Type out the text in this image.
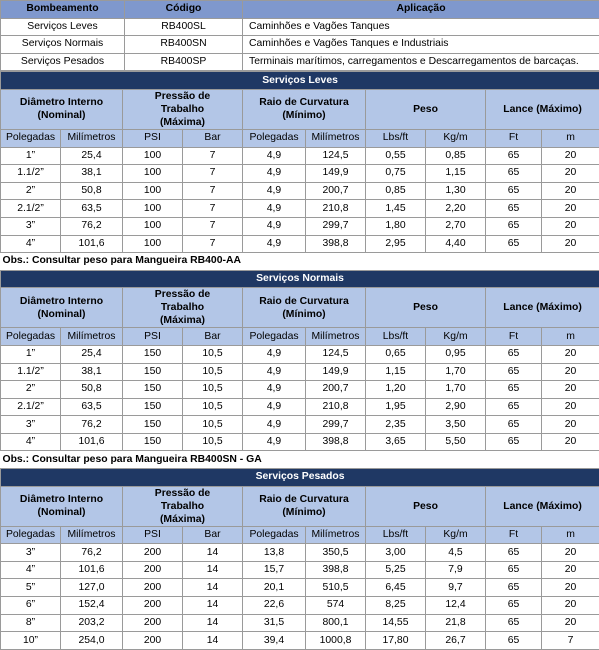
Bombeamento	Código	Aplicação
Serviços Leves	RB400SL	Caminhões e Vagões Tanques
Serviços Normais	RB400SN	Caminhões e Vagões Tanques e Industriais
Serviços Pesados	RB400SP	Terminais marítimos, carregamentos e Descarregamentos de barcaças.
Serviços Leves									
Diâmetro Interno (Nominal)		Pressão de Trabalho (Máxima)		Raio de Curvatura (Mínimo)		Peso		Lance (Máximo)	
Polegadas	Milímetros	PSI	Bar	Polegadas	Milímetros	Lbs/ft	Kg/m	Ft	m
1”	25,4	100	7	4,9	124,5	0,55	0,85	65	20
1.1/2”	38,1	100	7	4,9	149,9	0,75	1,15	65	20
2”	50,8	100	7	4,9	200,7	0,85	1,30	65	20
2.1/2”	63,5	100	7	4,9	210,8	1,45	2,20	65	20
3”	76,2	100	7	4,9	299,7	1,80	2,70	65	20
4”	101,6	100	7	4,9	398,8	2,95	4,40	65	20
Obs.: Consultar peso para Mangueira RB400-AA									
Serviços Normais									
Diâmetro Interno (Nominal)		Pressão de Trabalho (Máxima)		Raio de Curvatura (Mínimo)		Peso		Lance (Máximo)	
Polegadas	Milímetros	PSI	Bar	Polegadas	Milímetros	Lbs/ft	Kg/m	Ft	m
1”	25,4	150	10,5	4,9	124,5	0,65	0,95	65	20
1.1/2”	38,1	150	10,5	4,9	149,9	1,15	1,70	65	20
2”	50,8	150	10,5	4,9	200,7	1,20	1,70	65	20
2.1/2”	63,5	150	10,5	4,9	210,8	1,95	2,90	65	20
3”	76,2	150	10,5	4,9	299,7	2,35	3,50	65	20
4”	101,6	150	10,5	4,9	398,8	3,65	5,50	65	20
Obs.: Consultar peso para Mangueira RB400SN - GA									
Serviços Pesados									
Diâmetro Interno (Nominal)		Pressão de Trabalho (Máxima)		Raio de Curvatura (Mínimo)		Peso		Lance (Máximo)	
Polegadas	Milímetros	PSI	Bar	Polegadas	Milímetros	Lbs/ft	Kg/m	Ft	m
3”	76,2	200	14	13,8	350,5	3,00	4,5	65	20
4”	101,6	200	14	15,7	398,8	5,25	7,9	65	20
5”	127,0	200	14	20,1	510,5	6,45	9,7	65	20
6”	152,4	200	14	22,6	574	8,25	12,4	65	20
8”	203,2	200	14	31,5	800,1	14,55	21,8	65	20
10”	254,0	200	14	39,4	1000,8	17,80	26,7	65	7
